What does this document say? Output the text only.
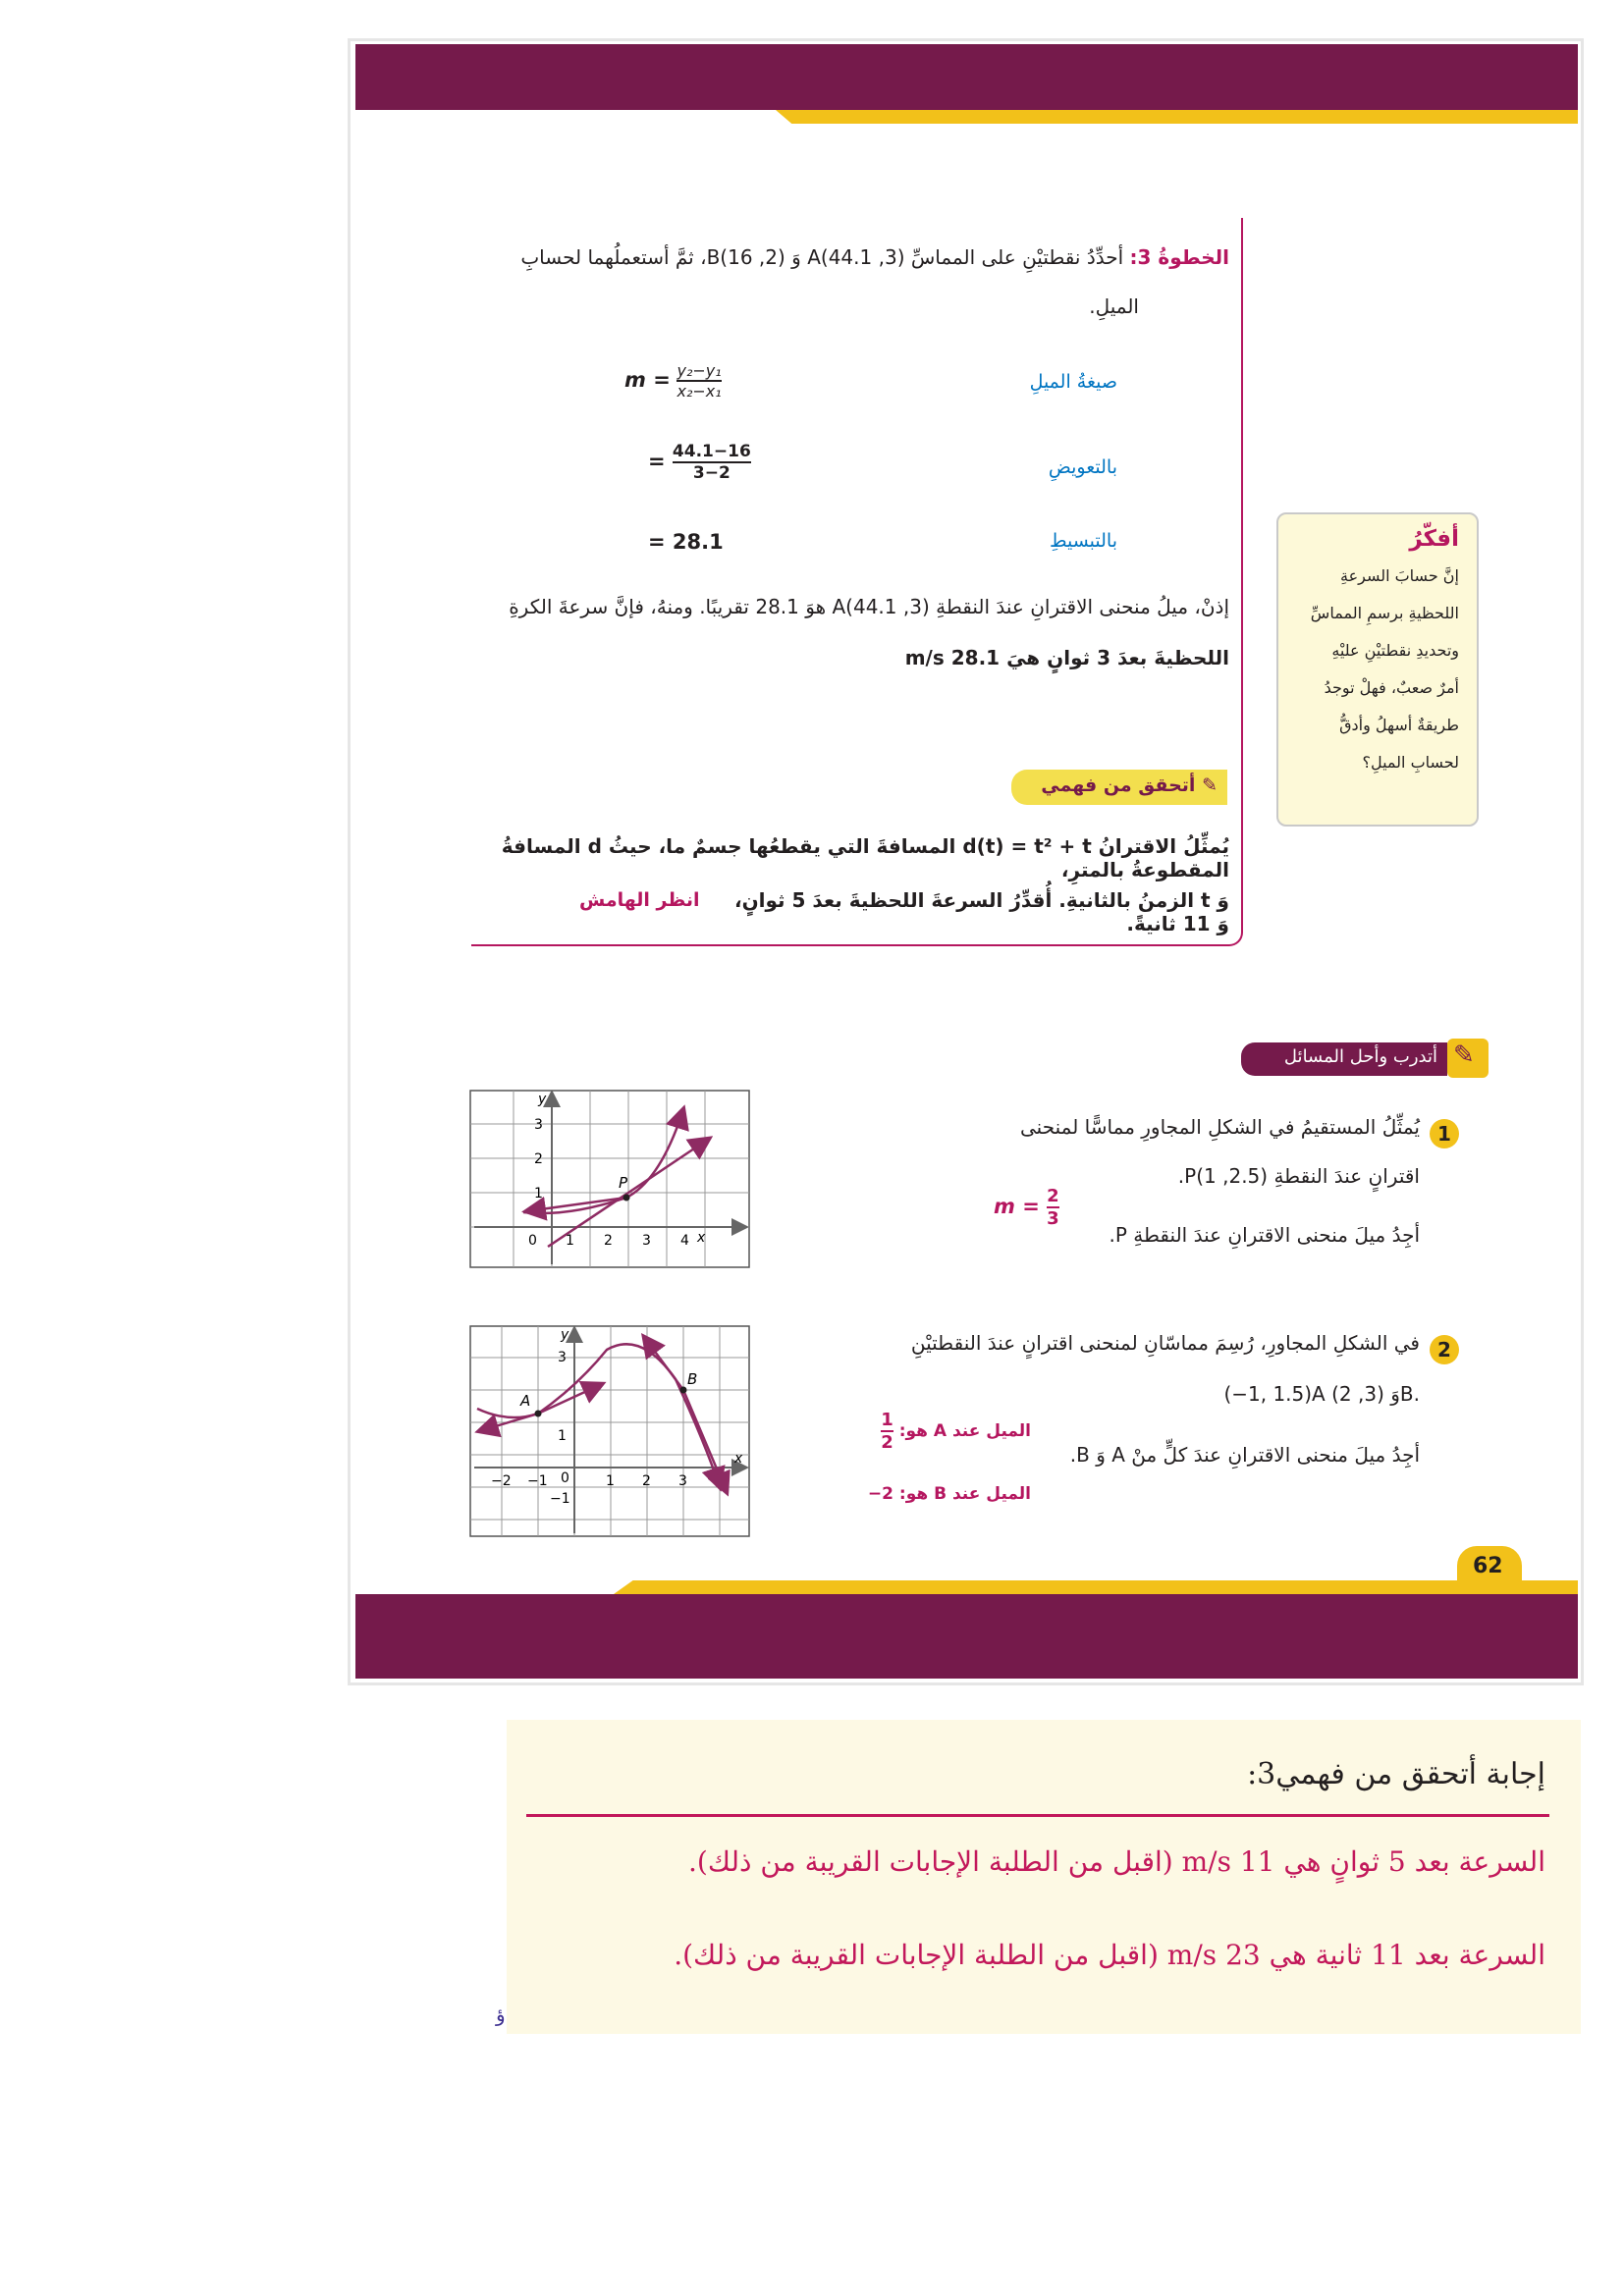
الخطوةُ 3: أحدِّدُ نقطتيْنِ على المماسِّ (3, 44.1)A وَ (2, 16)B، ثمَّ أستعملُهما لحسابِ
الميلِ.
صيغةُ الميلِ
$m = \frac{\text{y₂−y₁}}{\text{x₂−x₁}}$
بالتعويضِ
= $\frac{44.1-16}{3-2}$
بالتبسيطِ
= 28.1
إذنْ، ميلُ منحنى الاقترانِ عندَ النقطةِ (3, 44.1)A هوَ 28.1 تقريبًا. ومنهُ، فإنَّ سرعةَ الكرةِ
اللحظيةَ بعدَ 3 ثوانٍ هيَ 28.1 m/s
أفكّرُ
إنَّ حسابَ السرعةِ
اللحظيةِ برسمِ المماسِّ
وتحديدِ نقطتيْنِ عليْهِ
أمرٌ صعبٌ، فهلْ توجدُ
طريقةٌ أسهلُ وأدقُّ
لحسابِ الميلِ؟
✎ أتحقق من فهمي
يُمثِّلُ الاقترانُ d(t) = t² + t المسافةَ التي يقطعُها جسمٌ ما، حيثُ d المسافةُ المقطوعةُ بالمترِ،
وَ t الزمنُ بالثانيةِ. أُقدِّرُ السرعةَ اللحظيةَ بعدَ 5 ثوانٍ، وَ 11 ثانيةً.
انظر الهامش
✎
أتدرب وأحل المسائل
1
يُمثِّلُ المستقيمُ في الشكلِ المجاورِ مماسًّا لمنحنى
اقترانٍ عندَ النقطةِ (2.5, 1)P.
أجِدُ ميلَ منحنى الاقترانِ عندَ النقطةِ P.
$m = \frac{2}{3}$
2
في الشكلِ المجاورِ، رُسِمَ مماسّانِ لمنحنى اقترانٍ عندَ النقطتيْنِ
(−1, 1.5)A وَ (3, 2)B.
أجِدُ ميلَ منحنى الاقترانِ عندَ كلٍّ منْ A وَ B.
الميل عند A هو:
$\frac{1}{2}$
الميل عند B هو: 2−
P
y
x
0 1 2 3 4
1
2
3
A
B
y
x
−2 −1 0	1 2 3
−1
1
3
62
إجابة أتحقق من فهمي3:
السرعة بعد 5 ثوانٍ هي 11 m/s (اقبل من الطلبة الإجابات القريبة من ذلك).
السرعة بعد 11 ثانية هي 23 m/s (اقبل من الطلبة الإجابات القريبة من ذلك).
ؤ
